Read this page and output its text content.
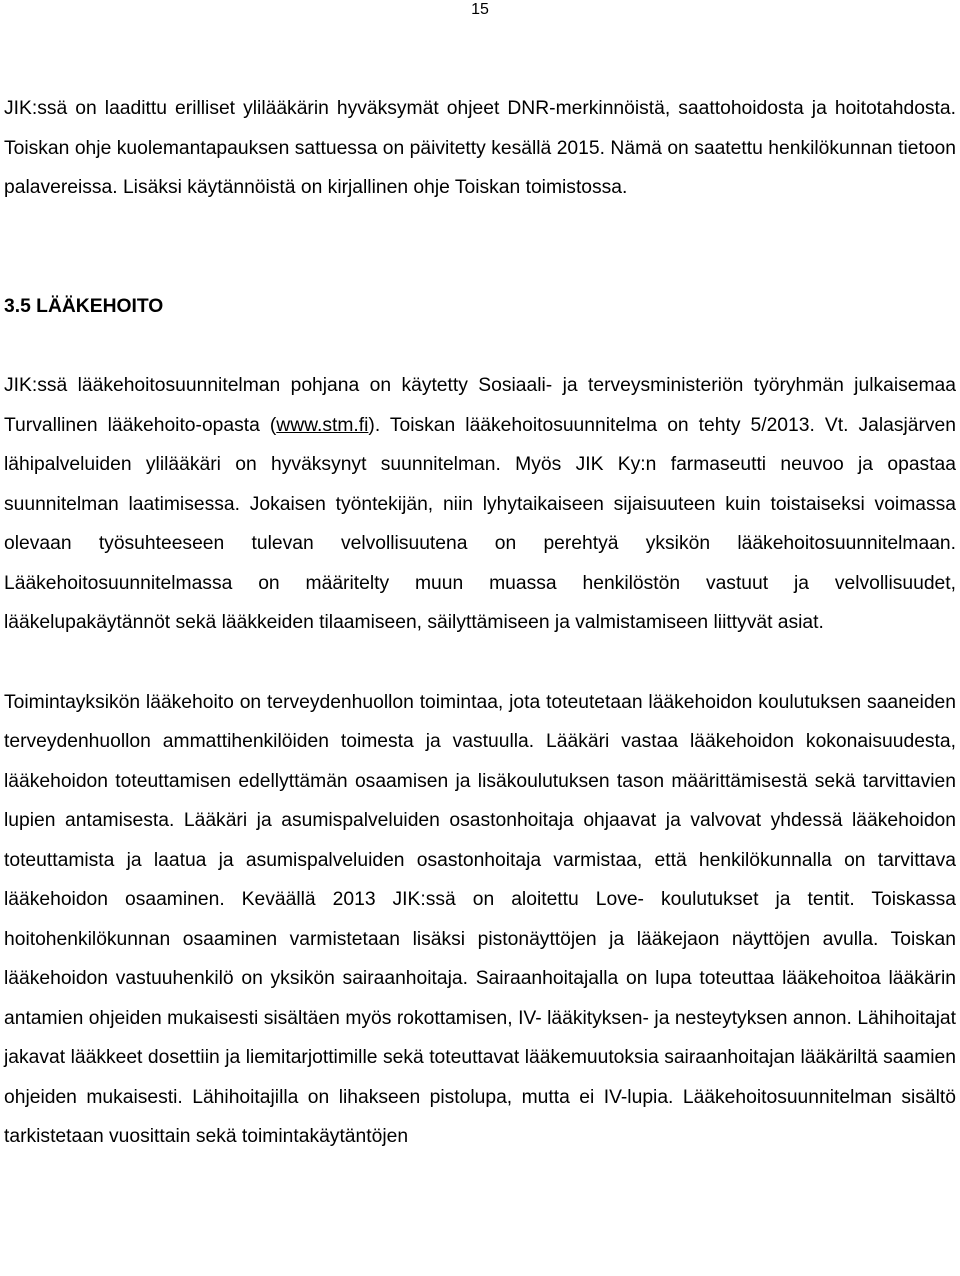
15

JIK:ssä on laadittu erilliset ylilääkärin hyväksymät ohjeet DNR-merkinnöistä, saattohoidosta ja hoitotahdosta. Toiskan ohje kuolemantapauksen sattuessa on päivitetty kesällä 2015. Nämä on saatettu henkilökunnan tietoon palavereissa. Lisäksi käytännöistä on kirjallinen ohje Toiskan toimistossa.

3.5 LÄÄKEHOITO

JIK:ssä lääkehoitosuunnitelman pohjana on käytetty Sosiaali- ja terveysministeriön työryhmän julkaisemaa Turvallinen lääkehoito-opasta (www.stm.fi). Toiskan lääkehoitosuunnitelma on tehty 5/2013. Vt. Jalasjärven lähipalveluiden ylilääkäri on hyväksynyt suunnitelman. Myös JIK Ky:n farmaseutti neuvoo ja opastaa suunnitelman laatimisessa. Jokaisen työntekijän, niin lyhytaikaiseen sijaisuuteen kuin toistaiseksi voimassa olevaan työsuhteeseen tulevan velvollisuutena on perehtyä yksikön lääkehoitosuunnitelmaan. Lääkehoitosuunnitelmassa on määritelty muun muassa henkilöstön vastuut ja velvollisuudet, lääkelupakäytännöt sekä lääkkeiden tilaamiseen, säilyttämiseen ja valmistamiseen liittyvät asiat.

Toimintayksikön lääkehoito on terveydenhuollon toimintaa, jota toteutetaan lääkehoidon koulutuksen saaneiden terveydenhuollon ammattihenkilöiden toimesta ja vastuulla. Lääkäri vastaa lääkehoidon kokonaisuudesta, lääkehoidon toteuttamisen edellyttämän osaamisen ja lisäkoulutuksen tason määrittämisestä sekä tarvittavien lupien antamisesta. Lääkäri ja asumispalveluiden osastonhoitaja ohjaavat ja valvovat yhdessä lääkehoidon toteuttamista ja laatua ja asumispalveluiden osastonhoitaja varmistaa, että henkilökunnalla on tarvittava lääkehoidon osaaminen. Keväällä 2013 JIK:ssä on aloitettu Love- koulutukset ja tentit. Toiskassa hoitohenkilökunnan osaaminen varmistetaan lisäksi pistonäyttöjen ja lääkejaon näyttöjen avulla. Toiskan lääkehoidon vastuuhenkilö on yksikön sairaanhoitaja. Sairaanhoitajalla on lupa toteuttaa lääkehoitoa lääkärin antamien ohjeiden mukaisesti sisältäen myös rokottamisen, IV- lääkityksen- ja nesteytyksen annon. Lähihoitajat jakavat lääkkeet dosettiin ja liemitarjottimille sekä toteuttavat lääkemuutoksia sairaanhoitajan lääkäriltä saamien ohjeiden mukaisesti. Lähihoitajilla on lihakseen pistolupa, mutta ei IV-lupia. Lääkehoitosuunnitelman sisältö tarkistetaan vuosittain sekä toimintakäytäntöjen
